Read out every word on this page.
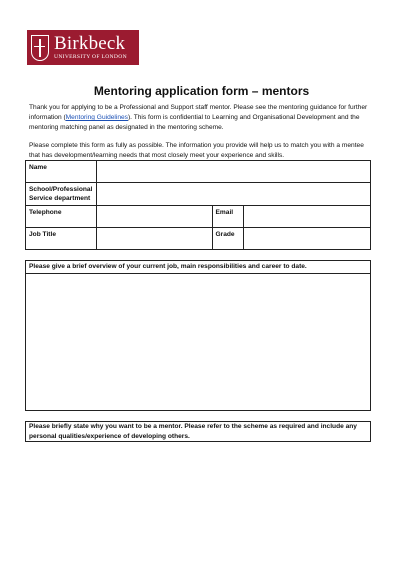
Birkbeck
UNIVERSITY OF LONDON
Mentoring application form – mentors
Thank you for applying to be a Professional and Support staff mentor. Please see the mentoring guidance for further information (Mentoring Guidelines). This form is confidential to Learning and Organisational Development and the mentoring matching panel as designated in the mentoring scheme.
Please complete this form as fully as possible. The information you provide will help us to match you with a mentee that has development/learning needs that most closely meet your experience and skills.
Name			
School/Professional Service department			
Telephone		Email	
Job Title		Grade	
Please give a brief overview of your current job, main responsibilities and career to date.
Please briefly state why you want to be a mentor. Please refer to the scheme as required and include any personal qualities/experience of developing others.
